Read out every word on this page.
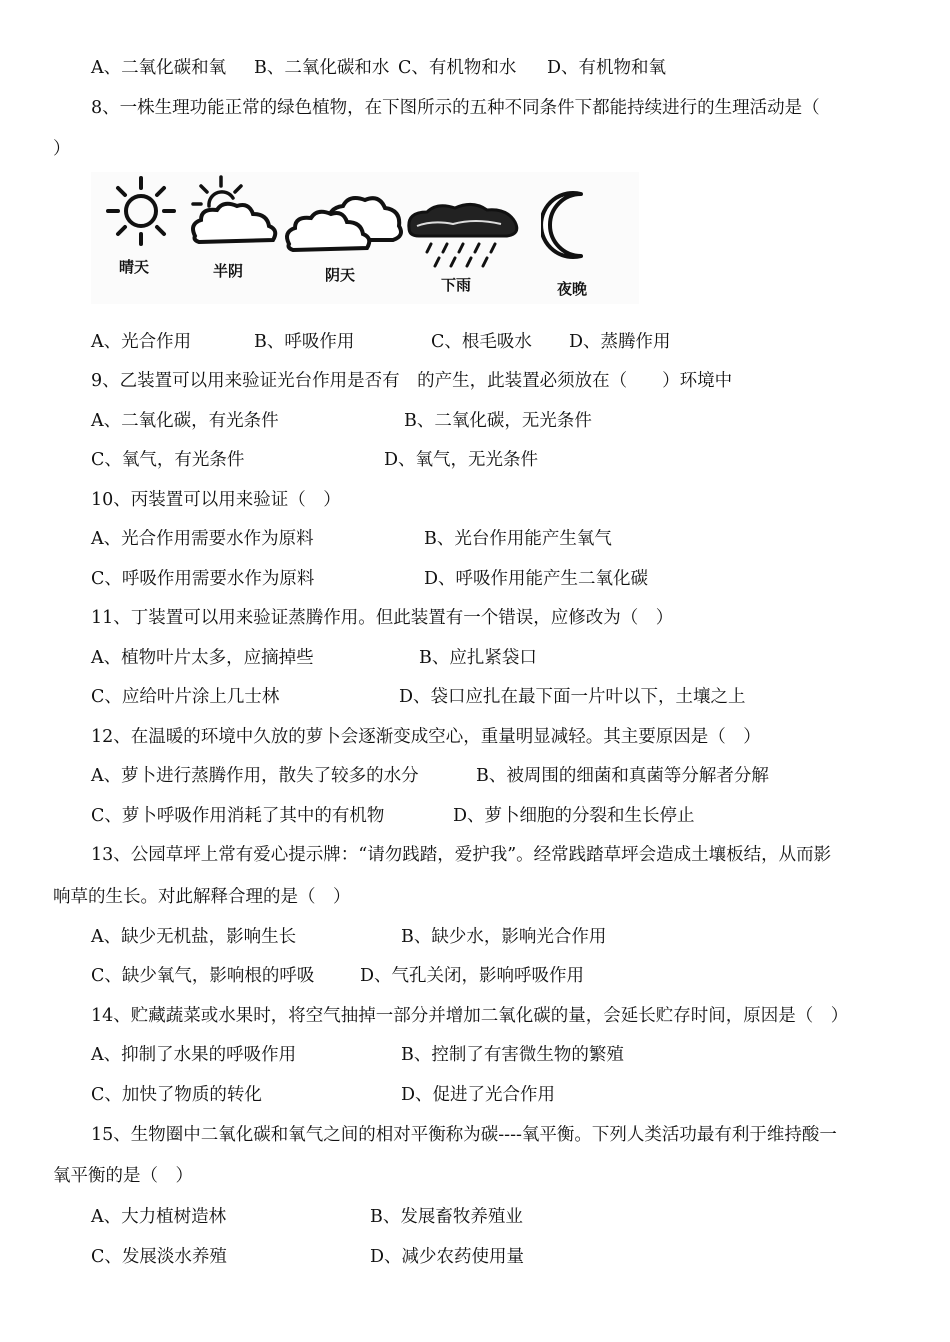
A、二氧化碳和氧 B、二氧化碳和水 C、有机物和水 D、有机物和氧
8、一株生理功能正常的绿色植物，在下图所示的五种不同条件下都能持续进行的生理活动是（
）
晴天	半阴	阴天
下雨	夜晚
A、光合作用	B、呼吸作用	C、根毛吸水 D、蒸腾作用
9、乙装置可以用来验证光台作用是否有　的产生，此装置必须放在（　　）环境中
A、二氧化碳，有光条件	B、二氧化碳，无光条件
C、氧气，有光条件	D、氧气，无光条件
10、丙装置可以用来验证（　）
A、光合作用需要水作为原料	B、光台作用能产生氧气
C、呼吸作用需要水作为原料	D、呼吸作用能产生二氧化碳
11、丁装置可以用来验证蒸腾作用。但此装置有一个错误，应修改为（　）
A、植物叶片太多，应摘掉些	B、应扎紧袋口
C、应给叶片涂上几士林	D、袋口应扎在最下面一片叶以下，土壤之上
12、在温暖的环境中久放的萝卜会逐渐变成空心，重量明显减轻。其主要原因是（　）
A、萝卜进行蒸腾作用，散失了较多的水分	B、被周围的细菌和真菌等分解者分解
C、萝卜呼吸作用消耗了其中的有机物	D、萝卜细胞的分裂和生长停止
13、公园草坪上常有爱心提示牌：“请勿践踏，爱护我”。经常践踏草坪会造成土壤板结，从而影
响草的生长。对此解释合理的是（　）
A、缺少无机盐，影响生长	B、缺少水，影响光合作用
C、缺少氧气，影响根的呼吸	D、气孔关闭，影响呼吸作用
14、贮藏蔬菜或水果时，将空气抽掉一部分并增加二氧化碳的量，会延长贮存时间，原因是（　）
A、抑制了水果的呼吸作用	B、控制了有害微生物的繁殖
C、加快了物质的转化	D、促进了光合作用
15、生物圈中二氧化碳和氧气之间的相对平衡称为碳----氧平衡。下列人类活功最有利于维持酸一
氧平衡的是（　）
A、大力植树造林	B、发展畜牧养殖业
C、发展淡水养殖	D、减少农药使用量
